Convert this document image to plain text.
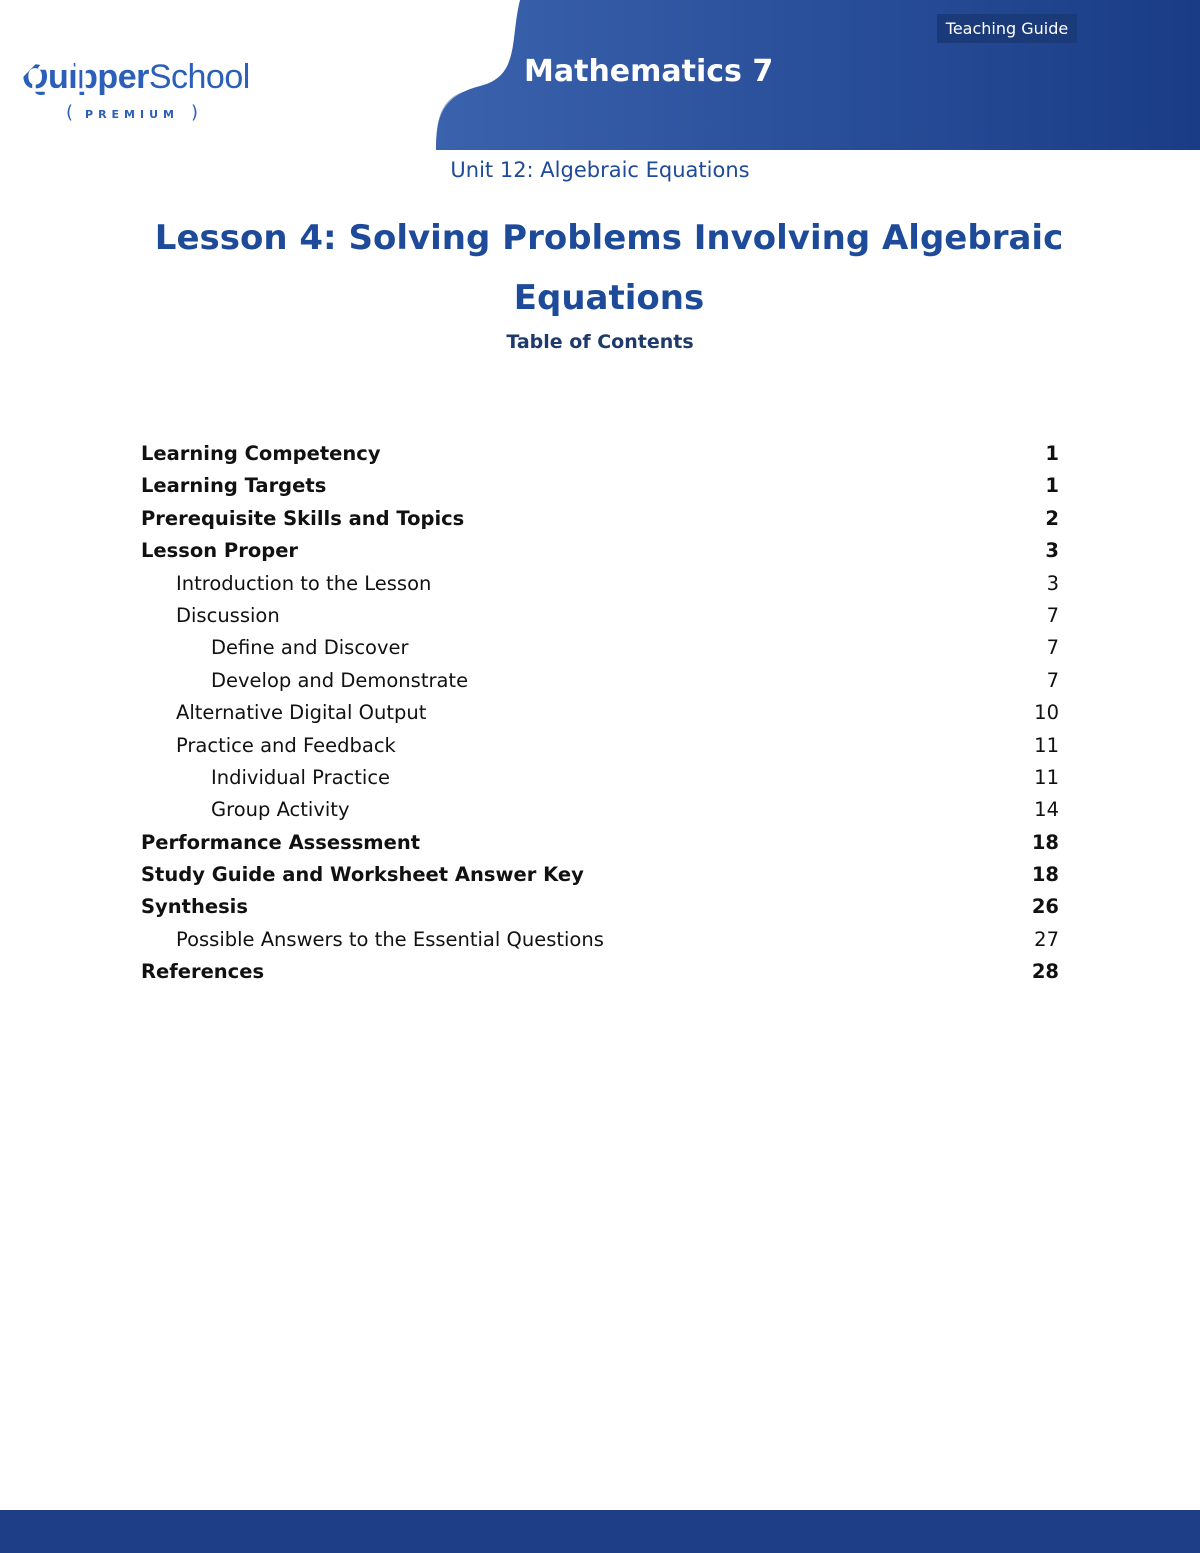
QuipperSchool
( PREMIUM )
Mathematics 7
Teaching Guide
Unit 12: Algebraic Equations
Lesson 4: Solving Problems Involving Algebraic Equations
Table of Contents
Learning Competency	1
Learning Targets	1
Prerequisite Skills and Topics	2
Lesson Proper	3
Introduction to the Lesson	3
Discussion	7
Define and Discover	7
Develop and Demonstrate	7
Alternative Digital Output	10
Practice and Feedback	11
Individual Practice	11
Group Activity	14
Performance Assessment	18
Study Guide and Worksheet Answer Key	18
Synthesis	26
Possible Answers to the Essential Questions	27
References	28
